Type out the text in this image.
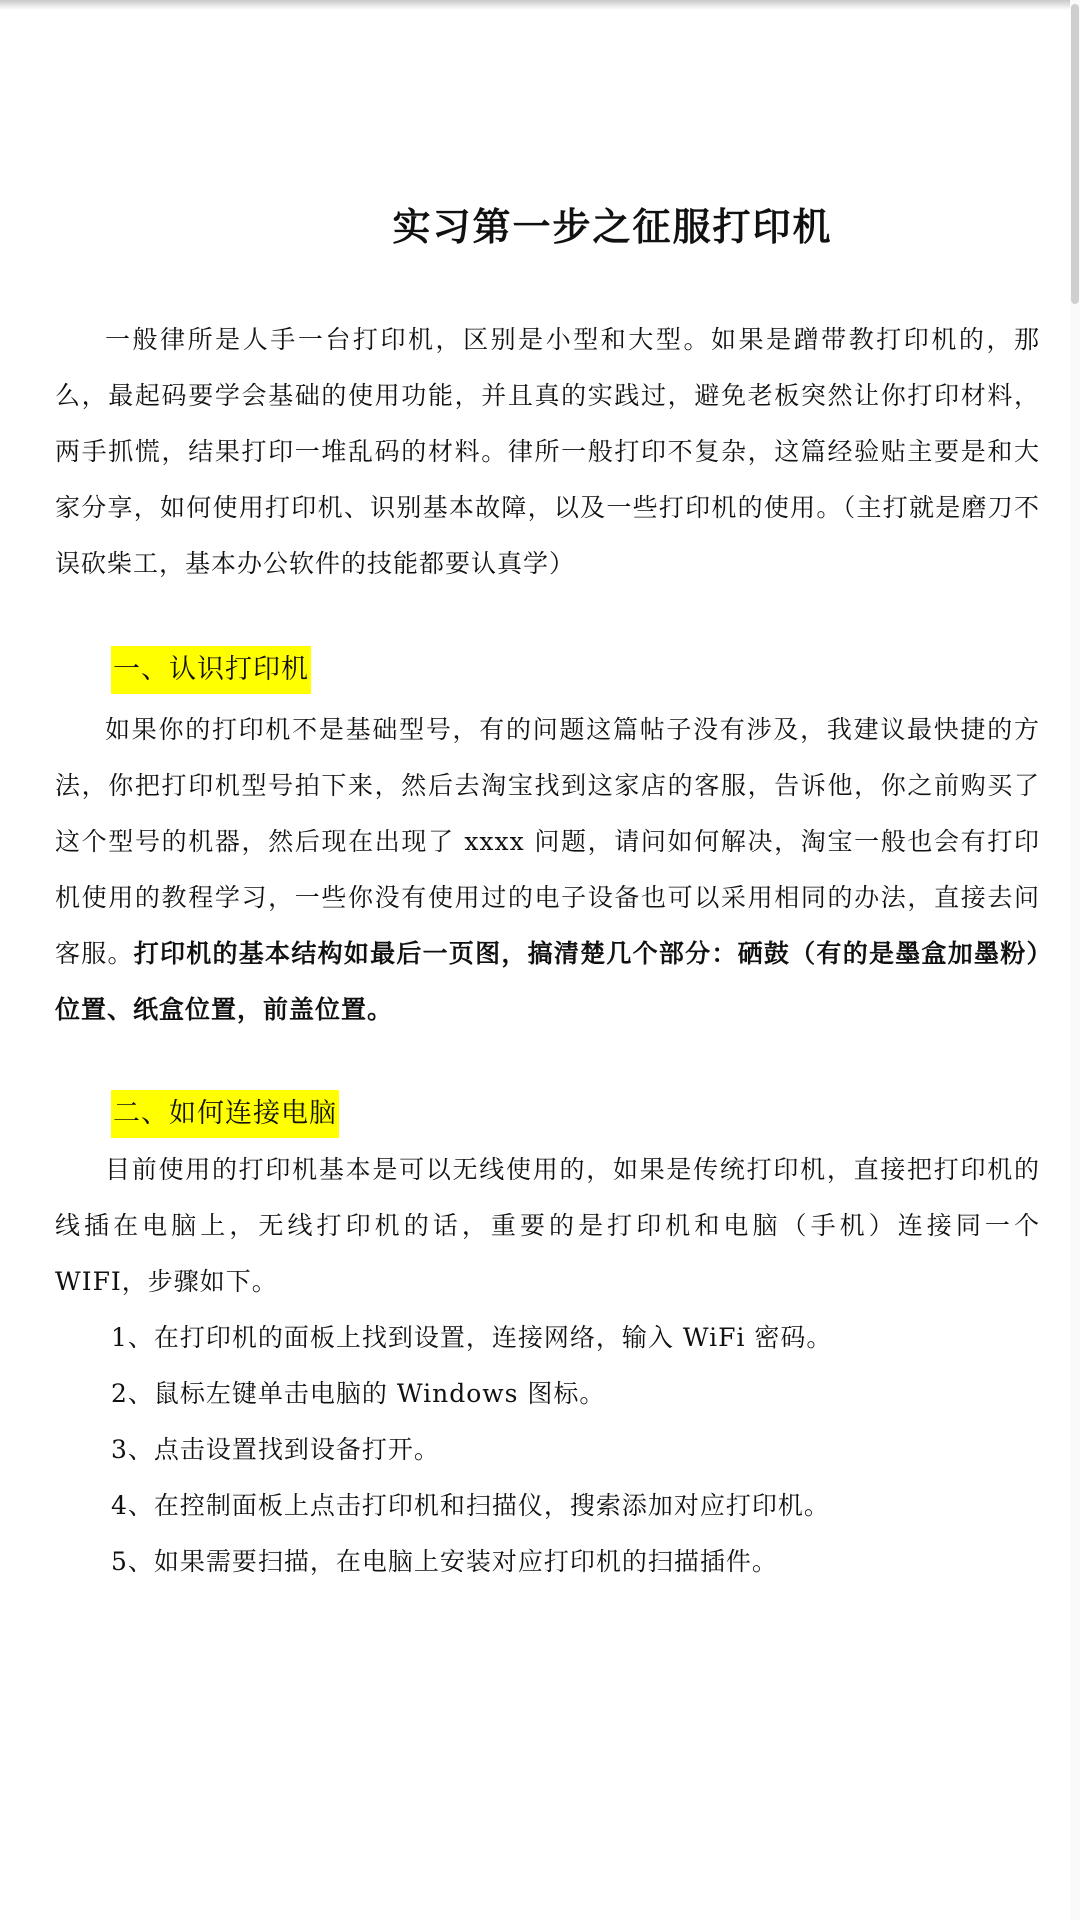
实习第一步之征服打印机
一般律所是人手一台打印机，区别是小型和大型。如果是蹭带教打印机的，那么，最起码要学会基础的使用功能，并且真的实践过，避免老板突然让你打印材料，两手抓慌，结果打印一堆乱码的材料。律所一般打印不复杂，这篇经验贴主要是和大家分享，如何使用打印机、识别基本故障，以及一些打印机的使用。（主打就是磨刀不误砍柴工，基本办公软件的技能都要认真学）
一、认识打印机
如果你的打印机不是基础型号，有的问题这篇帖子没有涉及，我建议最快捷的方法，你把打印机型号拍下来，然后去淘宝找到这家店的客服，告诉他，你之前购买了这个型号的机器，然后现在出现了 xxxx 问题，请问如何解决，淘宝一般也会有打印机使用的教程学习，一些你没有使用过的电子设备也可以采用相同的办法，直接去问客服。打印机的基本结构如最后一页图，搞清楚几个部分：硒鼓（有的是墨盒加墨粉）位置、纸盒位置，前盖位置。
二、如何连接电脑
目前使用的打印机基本是可以无线使用的，如果是传统打印机，直接把打印机的线插在电脑上，无线打印机的话，重要的是打印机和电脑（手机）连接同一个 WIFI，步骤如下。
1、在打印机的面板上找到设置，连接网络，输入 WiFi 密码。
2、鼠标左键单击电脑的 Windows 图标。
3、点击设置找到设备打开。
4、在控制面板上点击打印机和扫描仪，搜索添加对应打印机。
5、如果需要扫描，在电脑上安装对应打印机的扫描插件。
